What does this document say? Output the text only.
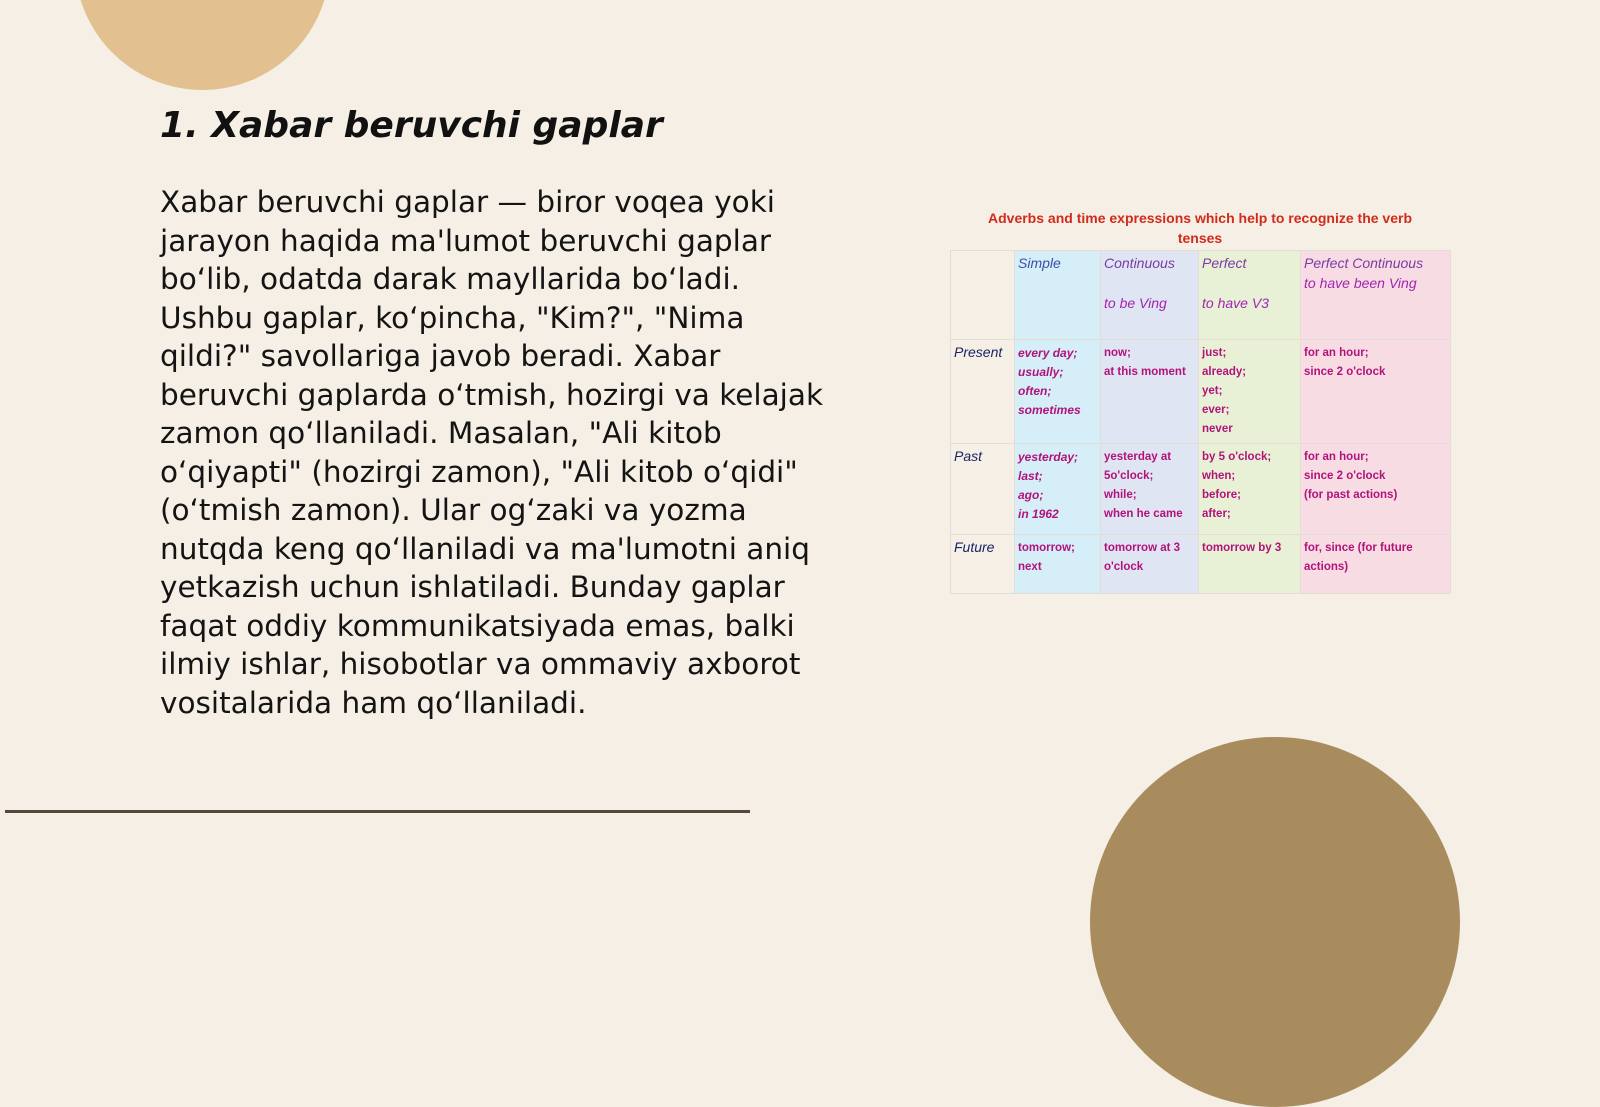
1. Xabar beruvchi gaplar

Xabar beruvchi gaplar — biror voqea yoki jarayon haqida ma'lumot beruvchi gaplar bo‘lib, odatda darak mayllarida bo‘ladi. Ushbu gaplar, ko‘pincha, "Kim?", "Nima qildi?" savollariga javob beradi. Xabar beruvchi gaplarda o‘tmish, hozirgi va kelajak zamon qo‘llaniladi. Masalan, "Ali kitob o‘qiyapti" (hozirgi zamon), "Ali kitob o‘qidi" (o‘tmish zamon). Ular og‘zaki va yozma nutqda keng qo‘llaniladi va ma'lumotni aniq yetkazish uchun ishlatiladi. Bunday gaplar faqat oddiy kommunikatsiyada emas, balki ilmiy ishlar, hisobotlar va ommaviy axborot vositalarida ham qo‘llaniladi.

Adverbs and time expressions which help to recognize the verb tenses
	Simple	Continuous
to be Ving	Perfect
to have V3	Perfect Continuous
to have been Ving

Present	every day;
usually;
often;
sometimes	now;
at this moment	just;
already;
yet;
ever;
never	for an hour;
since 2 o'clock

Past	yesterday;
last;
ago;
in 1962	yesterday at
5o'clock;
while;
when he came	by 5 o'clock;
when;
before;
after;	for an hour;
since 2 o'clock
(for past actions)

Future	tomorrow;
next	tomorrow at 3
o'clock	tomorrow by 3	for, since (for future
actions)
